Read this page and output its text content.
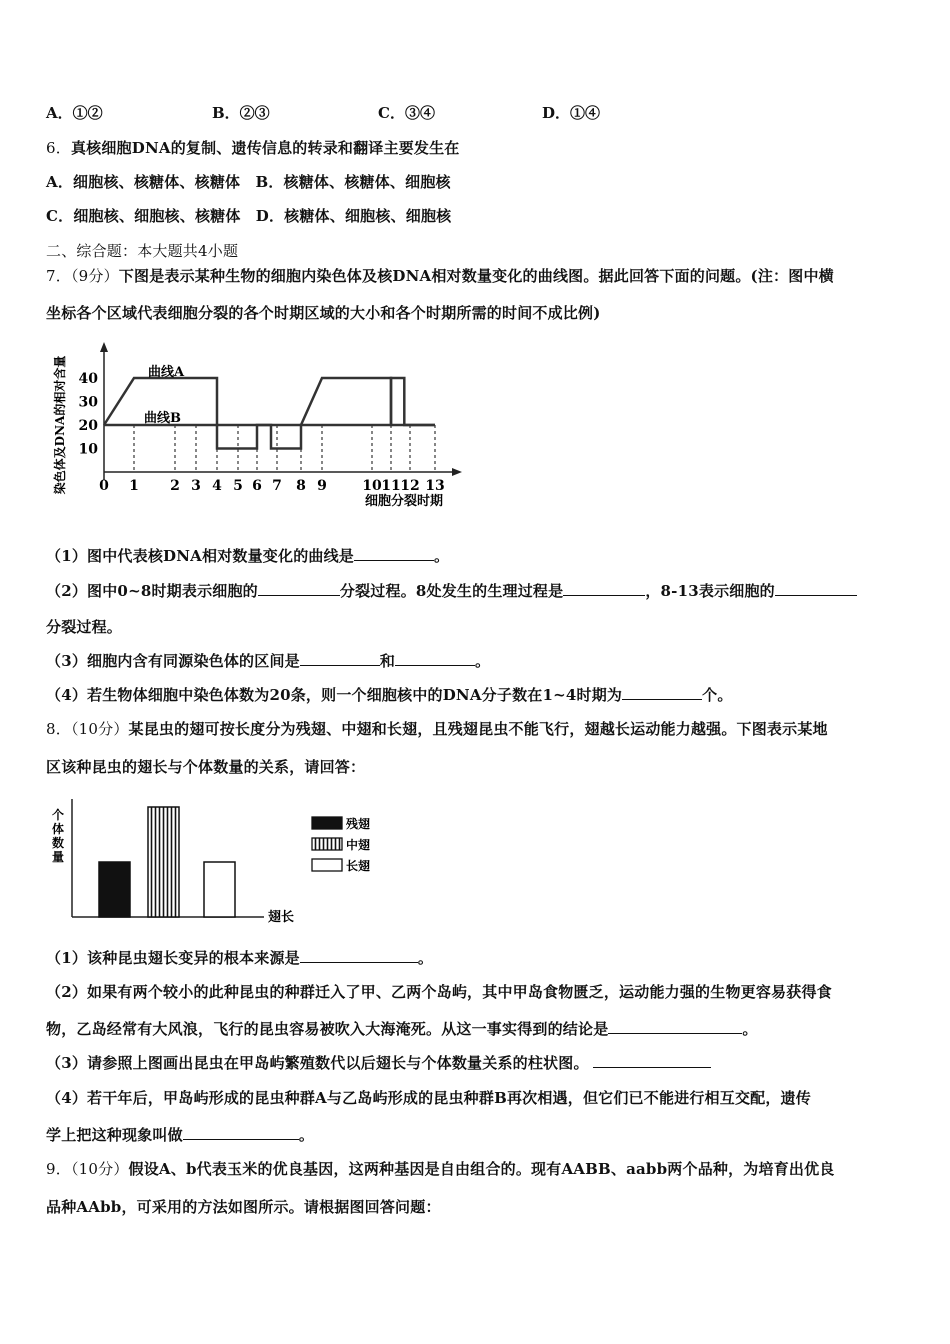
A．①②	B．②③	C．③④	D．①④
6．真核细胞DNA的复制、遗传信息的转录和翻译主要发生在
A．细胞核、核糖体、核糖体　B．核糖体、核糖体、细胞核
C．细胞核、细胞核、核糖体　D．核糖体、细胞核、细胞核
二、综合题：本大题共4小题
7．（9分）下图是表示某种生物的细胞内染色体及核DNA相对数量变化的曲线图。据此回答下面的问题。(注：图中横
坐标各个区域代表细胞分裂的各个时期区域的大小和各个时期所需的时间不成比例)
染色体及DNA的相对含量 10
20
30
40
0 1 2 3 4 5 6 7 8 9	10 11 12 13
曲线A
曲线B
细胞分裂时期
（1）图中代表核DNA相对数量变化的曲线是	。
（2）图中0~8时期表示细胞的	分裂过程。8处发生的生理过程是	，8-13表示细胞的
分裂过程。
（3）细胞内含有同源染色体的区间是	和	。
（4）若生物体细胞中染色体数为20条，则一个细胞核中的DNA分子数在1~4时期为	个。
8．（10分）某昆虫的翅可按长度分为残翅、中翅和长翅，且残翅昆虫不能飞行，翅越长运动能力越强。下图表示某地
区该种昆虫的翅长与个体数量的关系，请回答：
个
体
数
量
翅长
残翅
中翅
长翅
（1）该种昆虫翅长变异的根本来源是	。
（2）如果有两个较小的此种昆虫的种群迁入了甲、乙两个岛屿，其中甲岛食物匮乏，运动能力强的生物更容易获得食
物，乙岛经常有大风浪，飞行的昆虫容易被吹入大海淹死。从这一事实得到的结论是	。
（3）请参照上图画出昆虫在甲岛屿繁殖数代以后翅长与个体数量关系的柱状图。
（4）若干年后，甲岛屿形成的昆虫种群A与乙岛屿形成的昆虫种群B再次相遇，但它们已不能进行相互交配，遗传
学上把这种现象叫做	。
9．（10分）假设A、b代表玉米的优良基因，这两种基因是自由组合的。现有AABB、aabb两个品种，为培育出优良
品种AAbb，可采用的方法如图所示。请根据图回答问题：
